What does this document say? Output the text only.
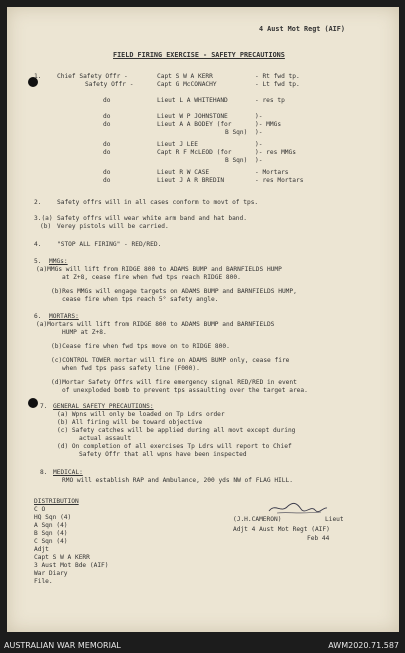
4 Aust Mot Regt (AIF)
FIELD FIRING EXERCISE - SAFETY PRECAUTIONS
1.	Chief Safety Offr -	Capt S W A KERR	- Rt fwd tp.
Safety Offr -	Capt G McCONACHY	- Lt fwd tp.
do	Lieut L A WHITEHAND	- res tp
do	Lieut W P JOHNSTONE	)-
do	Lieut A A BODEY (for	)- MMGs
B Sqn) )-
do	Lieut J LEE	)-
do	Capt R F McLEOD (for	)- res MMGs
B Sqn) )-
do	Lieut R W CASE	- Mortars
do	Lieut J A R BREDIN	- res Mortars
2.	Safety offrs will in all cases conform to movt of tps.
3.(a) Safety offrs will wear white arm band and hat band.
(b) Verey pistols will be carried.
4.	"STOP ALL FIRING" - RED/RED.
5. MMGs:
(a)MMGs will lift from RIDGE 800 to ADAMS BUMP and BARNFIELDS HUMP
at Z+8, cease fire when fwd tps reach RIDGE 800.
(b)Res MMGs will engage targets on ADAMS BUMP and BARNFIELDS HUMP,
cease fire when tps reach 5° safety angle.
6. MORTARS:
(a)Mortars will lift from RIDGE 800 to ADAMS BUMP and BARNFIELDS
HUMP at Z+8.
(b)Cease fire when fwd tps move on to RIDGE 800.
(c)CONTROL TOWER mortar will fire on ADAMS BUMP only, cease fire
when fwd tps pass safety line (F000).
(d)Mortar Safety Offrs will fire emergency signal RED/RED in event
of unexploded bomb to prevent tps assaulting over the target area.
7. GENERAL SAFETY PRECAUTIONS:
(a) Wpns will only be loaded on Tp Ldrs order
(b) All firing will be toward objective
(c) Safety catches will be applied during all movt except during
actual assault
(d) On completion of all exercises Tp Ldrs will report to Chief
Safety Offr that all wpns have been inspected
8. MEDICAL:
RMO will establish RAP and Ambulance, 200 yds NW of FLAG HILL.
DISTRIBUTION
C O
HQ Sqn (4)
A Sqn (4)
B Sqn (4)
C Sqn (4)
Adjt
Capt S W A KERR
3 Aust Mot Bde (AIF)
War Diary
File.
(J.H.CAMERON)	Lieut
Adjt 4 Aust Mot Regt (AIF)
Feb 44
AUSTRALIAN WAR MEMORIAL	AWM2020.71.587
